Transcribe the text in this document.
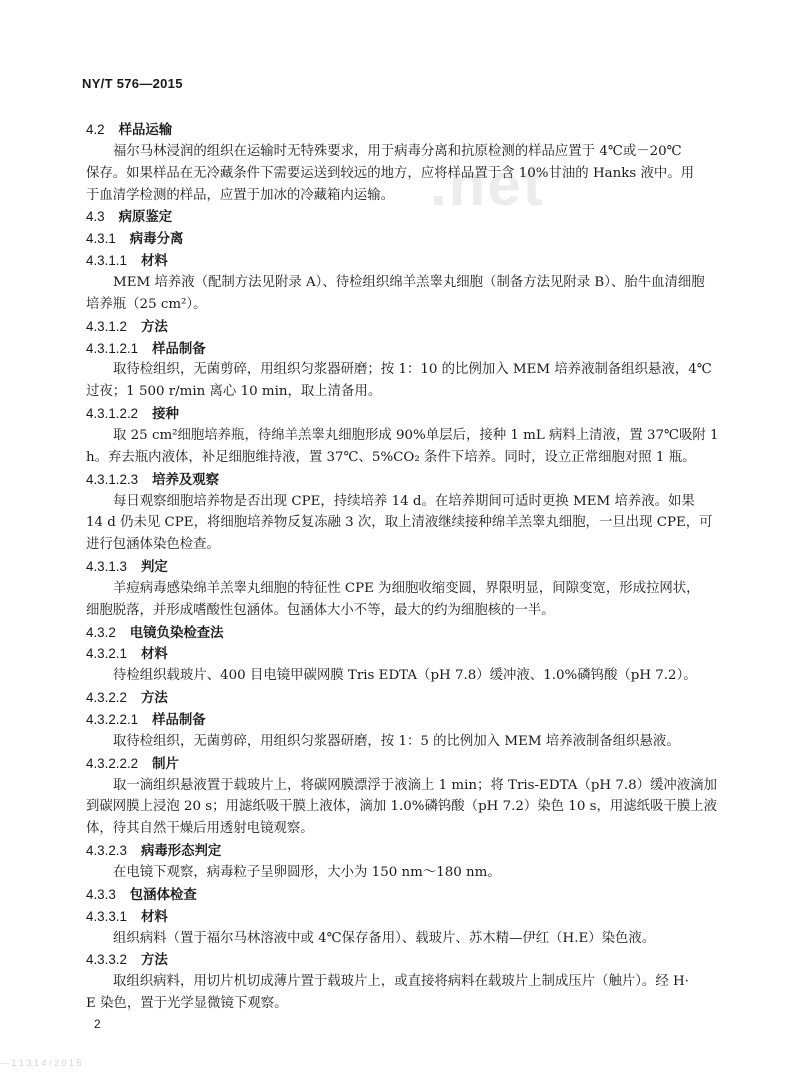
.net
NY/T 576—2015
4.2 样品运输
福尔马林浸润的组织在运输时无特殊要求，用于病毒分离和抗原检测的样品应置于 4℃或－20℃
保存。如果样品在无冷藏条件下需要运送到较远的地方，应将样品置于含 10%甘油的 Hanks 液中。用
于血清学检测的样品，应置于加冰的冷藏箱内运输。
4.3 病原鉴定
4.3.1 病毒分离
4.3.1.1 材料
MEM 培养液（配制方法见附录 A）、待检组织绵羊羔睾丸细胞（制备方法见附录 B）、胎牛血清细胞
培养瓶（25 cm²）。
4.3.1.2 方法
4.3.1.2.1 样品制备
取待检组织，无菌剪碎，用组织匀浆器研磨；按 1：10 的比例加入 MEM 培养液制备组织悬液，4℃
过夜；1 500 r/min 离心 10 min，取上清备用。
4.3.1.2.2 接种
取 25 cm²细胞培养瓶，待绵羊羔睾丸细胞形成 90%单层后，接种 1 mL 病料上清液，置 37℃吸附 1
h。弃去瓶内液体，补足细胞维持液，置 37℃、5%CO₂ 条件下培养。同时，设立正常细胞对照 1 瓶。
4.3.1.2.3 培养及观察
每日观察细胞培养物是否出现 CPE，持续培养 14 d。在培养期间可适时更换 MEM 培养液。如果
14 d 仍未见 CPE，将细胞培养物反复冻融 3 次，取上清液继续接种绵羊羔睾丸细胞，一旦出现 CPE，可
进行包涵体染色检查。
4.3.1.3 判定
羊痘病毒感染绵羊羔睾丸细胞的特征性 CPE 为细胞收缩变圆，界限明显，间隙变宽，形成拉网状，
细胞脱落，并形成嗜酸性包涵体。包涵体大小不等，最大的约为细胞核的一半。
4.3.2 电镜负染检查法
4.3.2.1 材料
待检组织载玻片、400 目电镜甲碳网膜 Tris EDTA（pH 7.8）缓冲液、1.0%磷钨酸（pH 7.2）。
4.3.2.2 方法
4.3.2.2.1 样品制备
取待检组织，无菌剪碎，用组织匀浆器研磨，按 1：5 的比例加入 MEM 培养液制备组织悬液。
4.3.2.2.2 制片
取一滴组织悬液置于载玻片上，将碳网膜漂浮于液滴上 1 min；将 Tris-EDTA（pH 7.8）缓冲液滴加
到碳网膜上浸泡 20 s；用滤纸吸干膜上液体，滴加 1.0%磷钨酸（pH 7.2）染色 10 s，用滤纸吸干膜上液
体，待其自然干燥后用透射电镜观察。
4.3.2.3 病毒形态判定
在电镜下观察，病毒粒子呈卵圆形，大小为 150 nm～180 nm。
4.3.3 包涵体检查
4.3.3.1 材料
组织病料（置于福尔马林溶液中或 4℃保存备用）、载玻片、苏木精—伊红（H.E）染色液。
4.3.3.2 方法
取组织病料，用切片机切成薄片置于载玻片上，或直接将病料在载玻片上制成压片（触片）。经 H·
E 染色，置于光学显微镜下观察。
2
--- 1 1 3 1 4 / 2 0 1 5
